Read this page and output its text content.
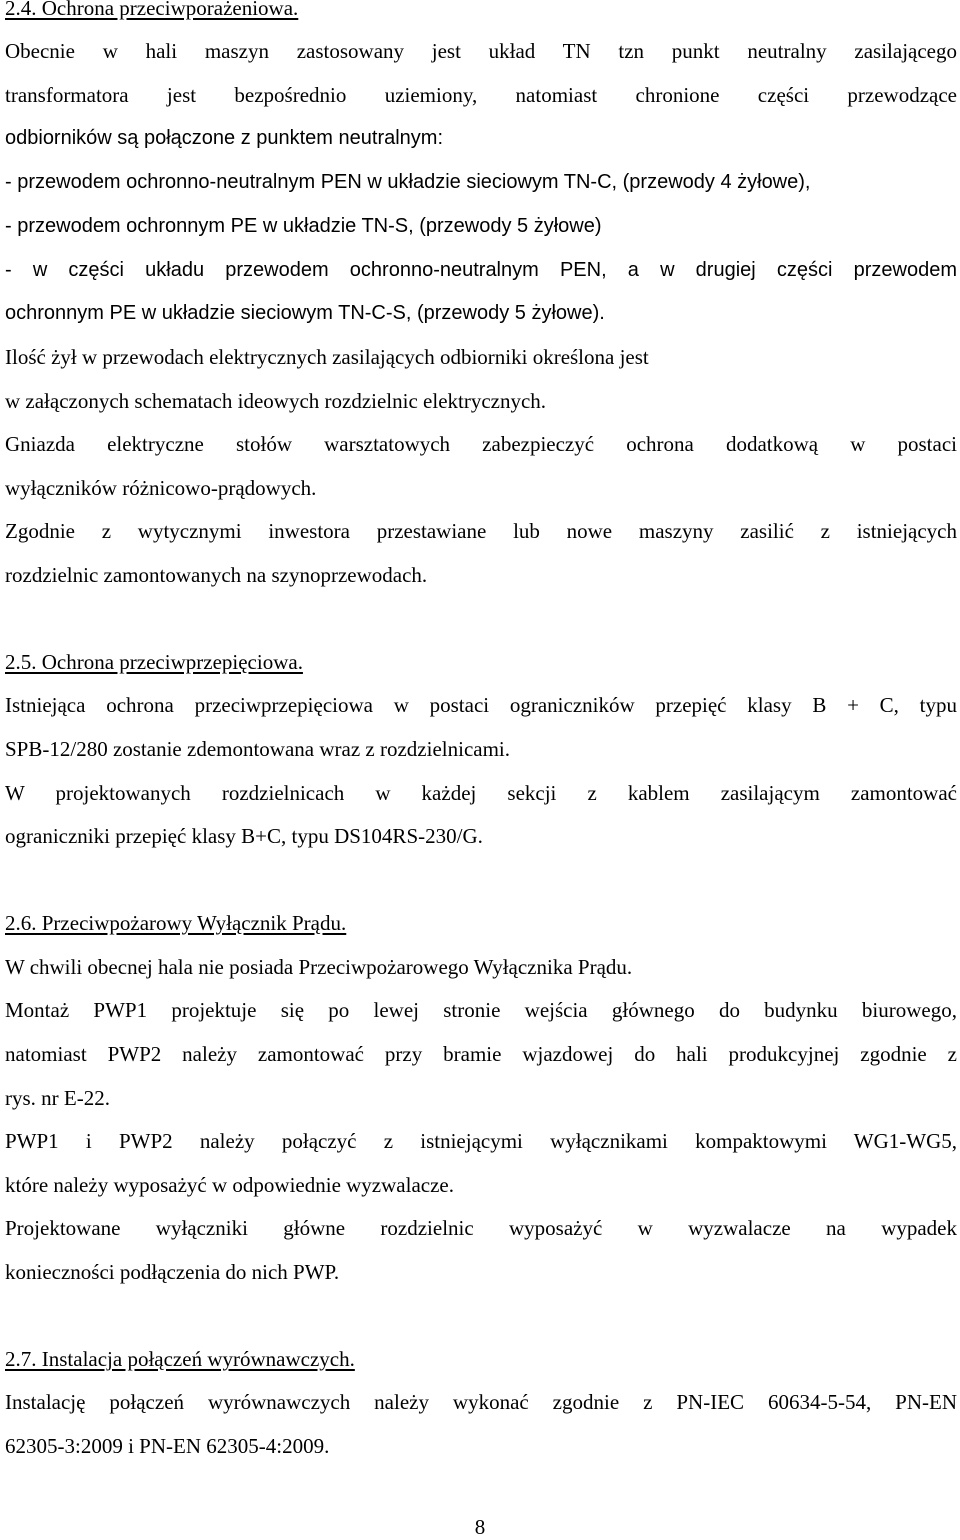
2.4. Ochrona przeciwporażeniowa.
Obecnie w hali maszyn zastosowany jest układ TN tzn punkt neutralny zasilającego
transformatora jest bezpośrednio uziemiony, natomiast chronione części przewodzące
odbiorników są połączone z punktem neutralnym:
- przewodem ochronno-neutralnym PEN w układzie sieciowym TN-C, (przewody 4 żyłowe),
- przewodem ochronnym PE w układzie TN-S, (przewody 5 żyłowe)
- w części układu przewodem ochronno-neutralnym PEN, a w drugiej części przewodem
ochronnym PE w układzie sieciowym TN-C-S, (przewody 5 żyłowe).
Ilość żył w przewodach elektrycznych zasilających odbiorniki określona jest
w załączonych schematach ideowych rozdzielnic elektrycznych.
Gniazda elektryczne stołów warsztatowych zabezpieczyć ochrona dodatkową w postaci
wyłączników różnicowo-prądowych.
Zgodnie z wytycznymi inwestora przestawiane lub nowe maszyny zasilić z istniejących
rozdzielnic zamontowanych na szynoprzewodach.
2.5. Ochrona przeciwprzepięciowa.
Istniejąca ochrona przeciwprzepięciowa w postaci ograniczników przepięć klasy B + C, typu
SPB-12/280 zostanie zdemontowana wraz z rozdzielnicami.
W projektowanych rozdzielnicach w każdej sekcji z kablem zasilającym zamontować
ograniczniki przepięć klasy B+C, typu DS104RS-230/G.
2.6. Przeciwpożarowy Wyłącznik Prądu.
W chwili obecnej hala nie posiada Przeciwpożarowego Wyłącznika Prądu.
Montaż PWP1 projektuje się po lewej stronie wejścia głównego do budynku biurowego,
natomiast PWP2 należy zamontować przy bramie wjazdowej do hali produkcyjnej zgodnie z
rys. nr E-22.
PWP1 i PWP2 należy połączyć z istniejącymi wyłącznikami kompaktowymi WG1-WG5,
które należy wyposażyć w odpowiednie wyzwalacze.
Projektowane wyłączniki główne rozdzielnic wyposażyć w wyzwalacze na wypadek
konieczności podłączenia do nich PWP.
2.7. Instalacja połączeń wyrównawczych.
Instalację połączeń wyrównawczych należy wykonać zgodnie z PN-IEC 60634-5-54, PN-EN
62305-3:2009 i PN-EN 62305-4:2009.
8
